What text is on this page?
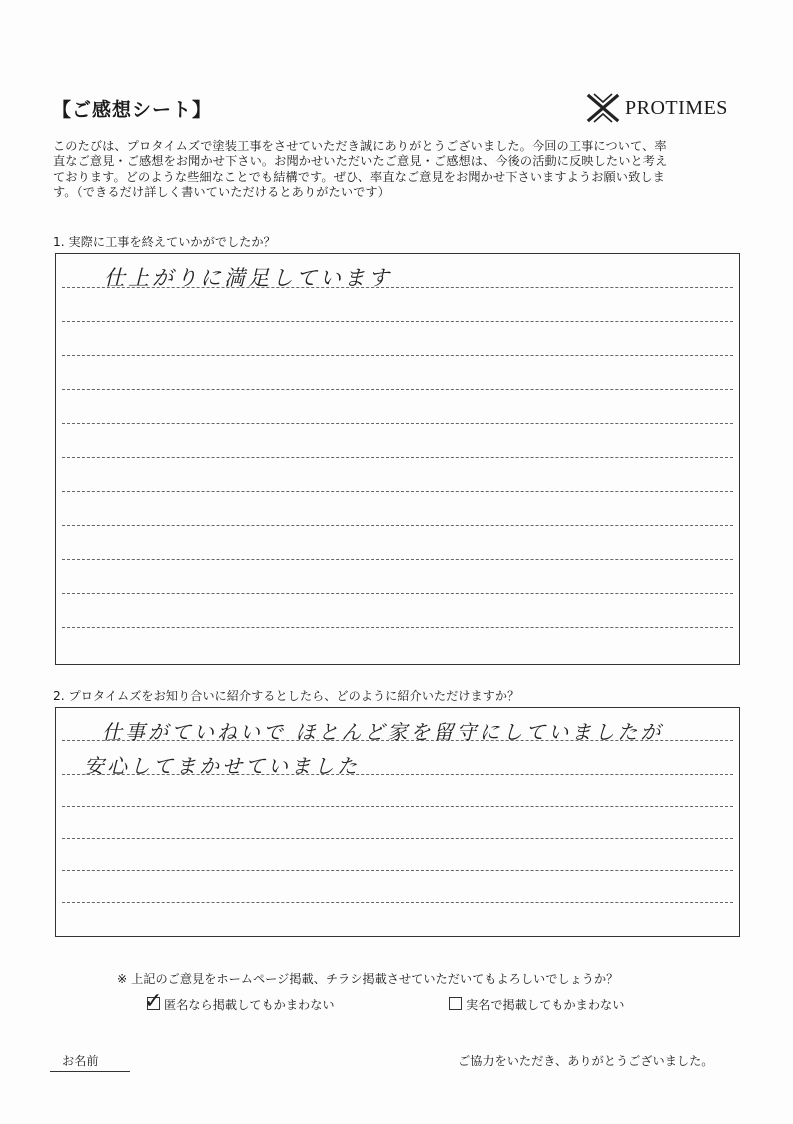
【ご感想シート】	PROTIMES
このたびは、プロタイムズで塗装工事をさせていただき誠にありがとうございました。今回の工事について、率
直なご意見・ご感想をお聞かせ下さい。お聞かせいただいたご意見・ご感想は、今後の活動に反映したいと考え
ております。どのような些細なことでも結構です。ぜひ、率直なご意見をお聞かせ下さいますようお願い致しま
す。（できるだけ詳しく書いていただけるとありがたいです）
1. 実際に工事を終えていかがでしたか？
仕上がりに満足しています
2. プロタイムズをお知り合いに紹介するとしたら、どのように紹介いただけますか？
仕事がていねいで ほとんど家を留守にしていましたが
安心してまかせていました
※ 上記のご意見をホームページ掲載、チラシ掲載させていただいてもよろしいでしょうか？
✓ 匿名なら掲載してもかまわない	実名で掲載してもかまわない
お名前	ご協力をいただき、ありがとうございました。
